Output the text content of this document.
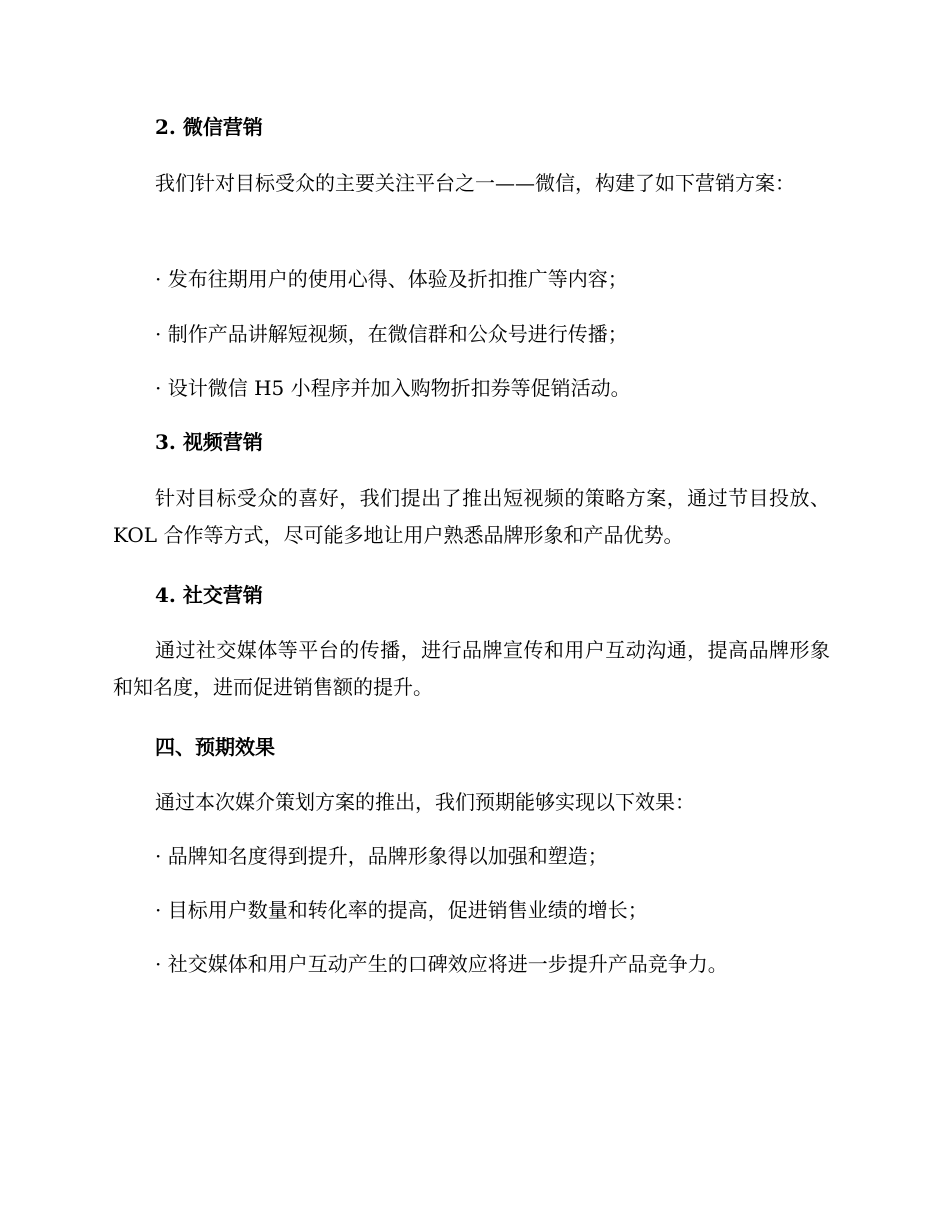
2. 微信营销

我们针对目标受众的主要关注平台之一——微信，构建了如下营销方案：

· 发布往期用户的使用心得、体验及折扣推广等内容；

· 制作产品讲解短视频，在微信群和公众号进行传播；

· 设计微信 H5 小程序并加入购物折扣券等促销活动。

3. 视频营销

针对目标受众的喜好，我们提出了推出短视频的策略方案，通过节目投放、KOL 合作等方式，尽可能多地让用户熟悉品牌形象和产品优势。

4. 社交营销

通过社交媒体等平台的传播，进行品牌宣传和用户互动沟通，提高品牌形象和知名度，进而促进销售额的提升。

四、预期效果

通过本次媒介策划方案的推出，我们预期能够实现以下效果：

· 品牌知名度得到提升，品牌形象得以加强和塑造；

· 目标用户数量和转化率的提高，促进销售业绩的增长；

· 社交媒体和用户互动产生的口碑效应将进一步提升产品竞争力。
